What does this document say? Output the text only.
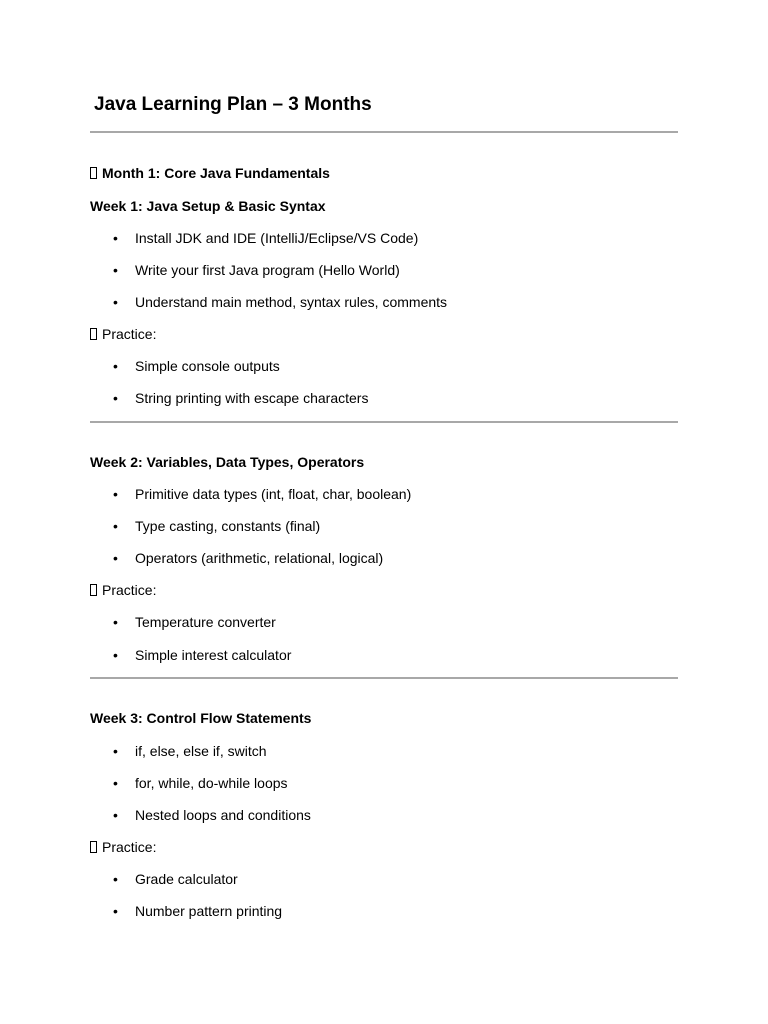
Java Learning Plan – 3 Months
Month 1: Core Java Fundamentals
Week 1: Java Setup & Basic Syntax
• Install JDK and IDE (IntelliJ/Eclipse/VS Code)
• Write your first Java program (Hello World)
• Understand main method, syntax rules, comments
Practice:
• Simple console outputs
• String printing with escape characters
Week 2: Variables, Data Types, Operators
• Primitive data types (int, float, char, boolean)
• Type casting, constants (final)
• Operators (arithmetic, relational, logical)
Practice:
• Temperature converter
• Simple interest calculator
Week 3: Control Flow Statements
• if, else, else if, switch
• for, while, do-while loops
• Nested loops and conditions
Practice:
• Grade calculator
• Number pattern printing
